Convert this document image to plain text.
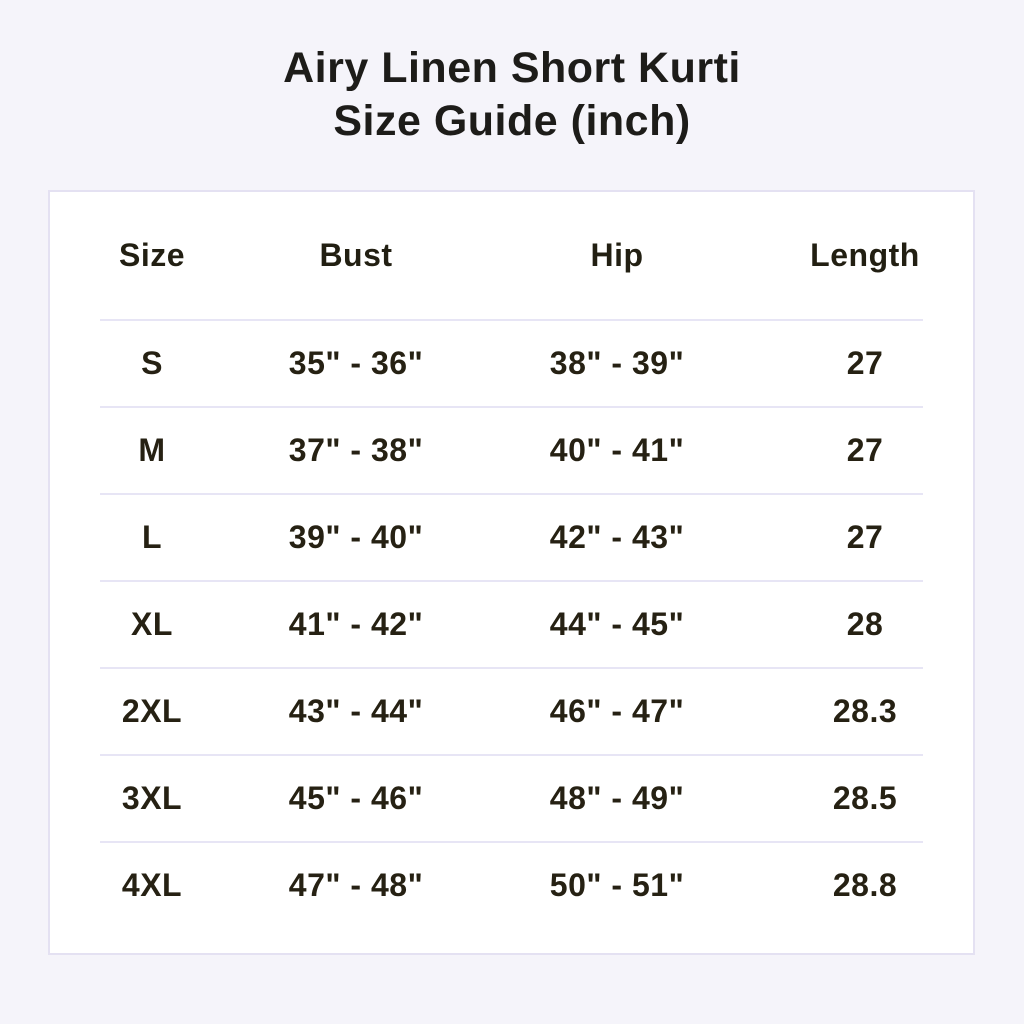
Airy Linen Short Kurti
Size Guide (inch)
Size	Bust	Hip	Length
S	35" - 36"	38" - 39"	27
M	37" - 38"	40" - 41"	27
L	39" - 40"	42" - 43"	27
XL	41" - 42"	44" - 45"	28
2XL	43" - 44"	46" - 47"	28.3
3XL	45" - 46"	48" - 49"	28.5
4XL	47" - 48"	50" - 51"	28.8
